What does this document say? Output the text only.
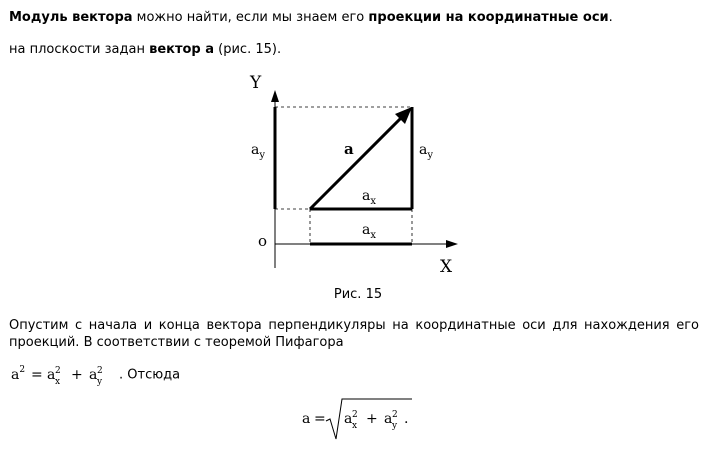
Модуль вектора можно найти, если мы знаем его проекции на координатные оси.
на плоскости задан вектор a (рис. 15).
Y
X
o
a
$a_y$	$a_y$
$a_x$
$a_x$
Рис. 15
Опустим с начала и конца вектора перпендикуляры на координатные оси для нахождения его проекций. В соответствии с теоремой Пифагора
$a^2 = a$ 2
x + a 2
y . Отсюда
a = a 2
x + a 2
y .
